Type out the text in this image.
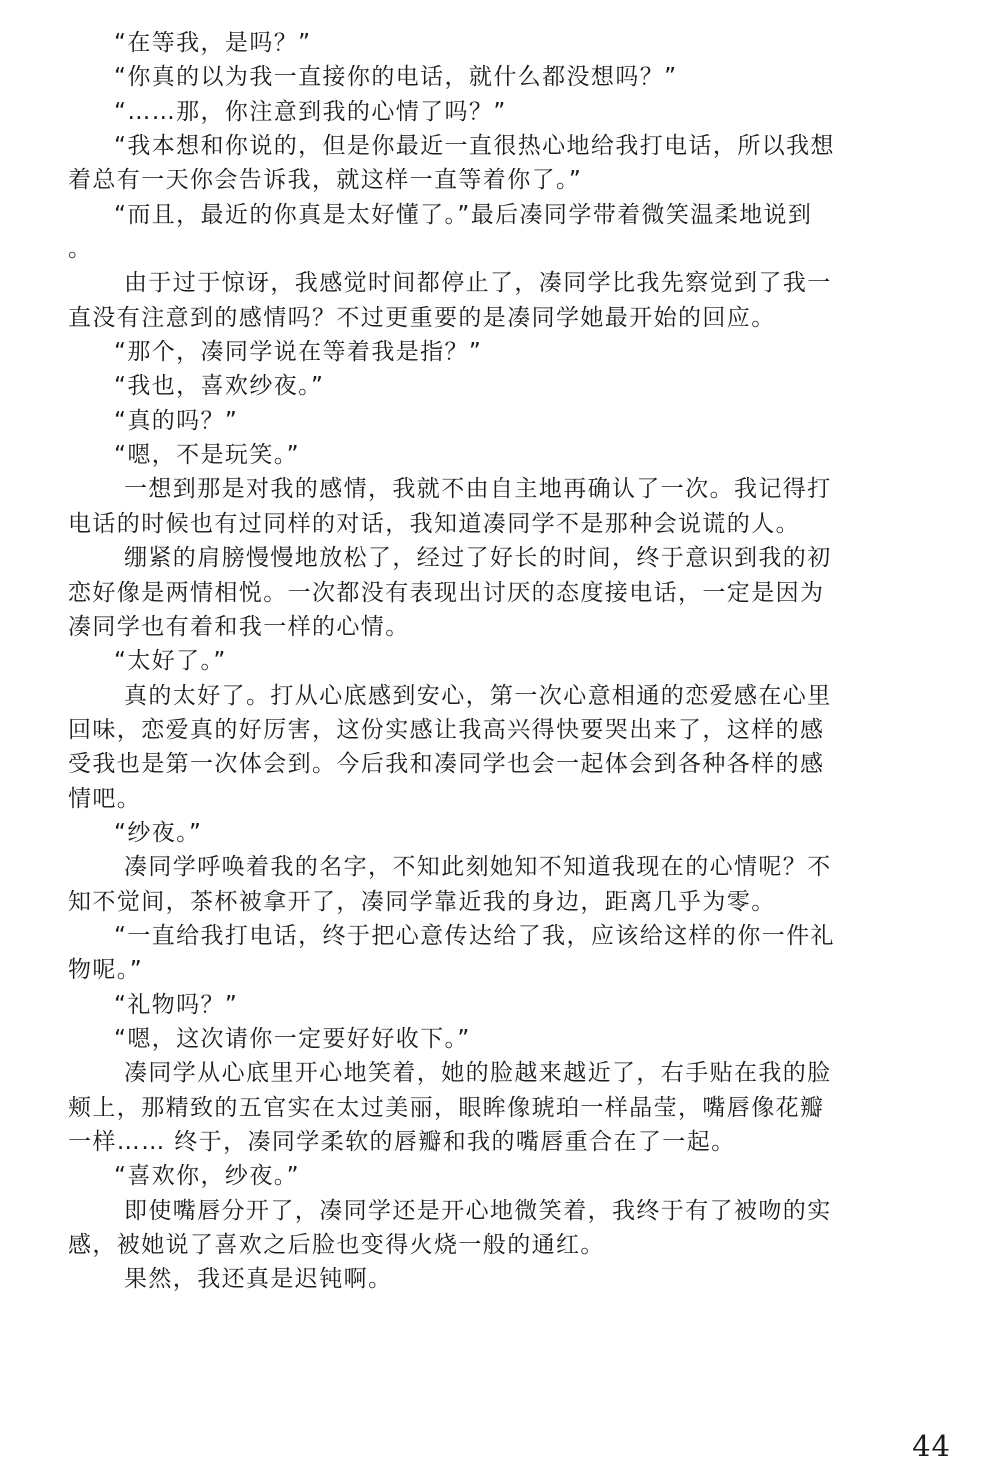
“在等我，是吗？”
“你真的以为我一直接你的电话，就什么都没想吗？”
“……那，你注意到我的心情了吗？”
“我本想和你说的，但是你最近一直很热心地给我打电话，所以我想
着总有一天你会告诉我，就这样一直等着你了。”
“而且，最近的你真是太好懂了。”最后凑同学带着微笑温柔地说到
。
由于过于惊讶，我感觉时间都停止了，凑同学比我先察觉到了我一
直没有注意到的感情吗？不过更重要的是凑同学她最开始的回应。
“那个，凑同学说在等着我是指？”
“我也，喜欢纱夜。”
“真的吗？”
“嗯，不是玩笑。”
一想到那是对我的感情，我就不由自主地再确认了一次。我记得打
电话的时候也有过同样的对话，我知道凑同学不是那种会说谎的人。
绷紧的肩膀慢慢地放松了，经过了好长的时间，终于意识到我的初
恋好像是两情相悦。一次都没有表现出讨厌的态度接电话，一定是因为
凑同学也有着和我一样的心情。
“太好了。”
真的太好了。打从心底感到安心，第一次心意相通的恋爱感在心里
回味，恋爱真的好厉害，这份实感让我高兴得快要哭出来了，这样的感
受我也是第一次体会到。今后我和凑同学也会一起体会到各种各样的感
情吧。
“纱夜。”
凑同学呼唤着我的名字，不知此刻她知不知道我现在的心情呢？不
知不觉间，茶杯被拿开了，凑同学靠近我的身边，距离几乎为零。
“一直给我打电话，终于把心意传达给了我，应该给这样的你一件礼
物呢。”
“礼物吗？”
“嗯，这次请你一定要好好收下。”
凑同学从心底里开心地笑着，她的脸越来越近了，右手贴在我的脸
颊上，那精致的五官实在太过美丽，眼眸像琥珀一样晶莹，嘴唇像花瓣
一样…… 终于，凑同学柔软的唇瓣和我的嘴唇重合在了一起。
“喜欢你，纱夜。”
即使嘴唇分开了，凑同学还是开心地微笑着，我终于有了被吻的实
感，被她说了喜欢之后脸也变得火烧一般的通红。
果然，我还真是迟钝啊。
44
